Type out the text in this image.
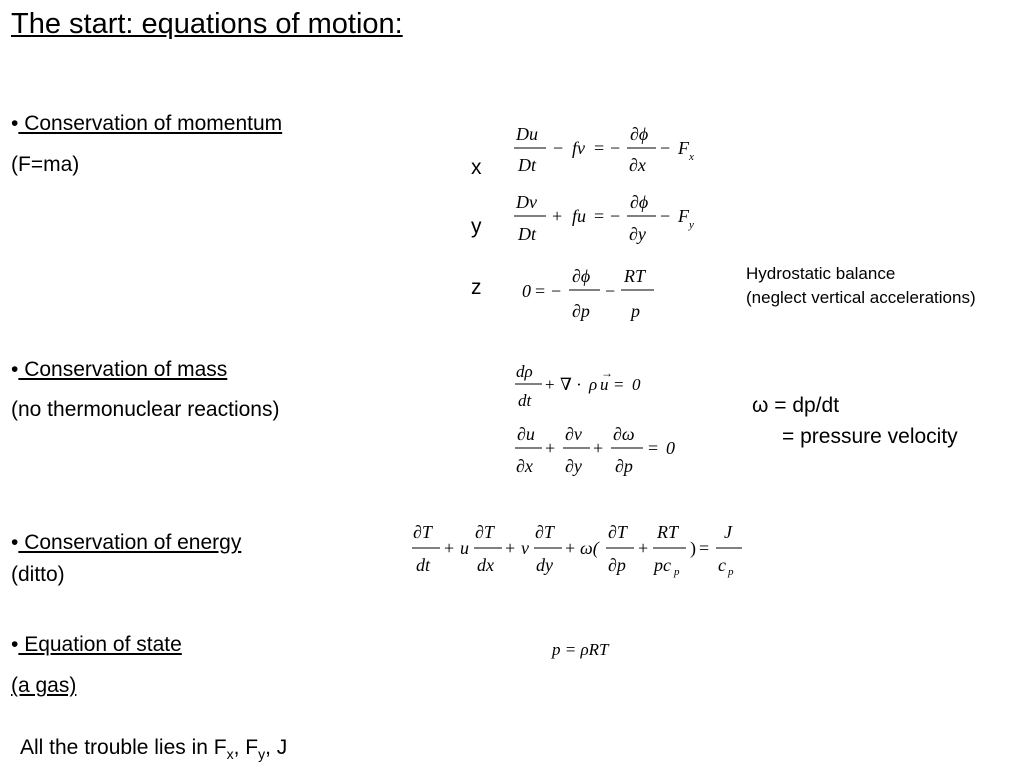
The start: equations of motion:
• Conservation of momentum
(F=ma)	x
y
z
Du
Dt
− fv = −
∂ϕ
∂x
− F x
Dv
Dt
+ fu = −
∂ϕ
∂y
− F y
0 = −
∂ϕ
∂p
−
RT
p
Hydrostatic balance
(neglect vertical accelerations)
• Conservation of mass
(no thermonuclear reactions)
dρ
dt
+ ∇ · ρ u
→
= 0
∂u
∂x
+
∂v
∂y
+
∂ω
∂p
= 0
ω = dp/dt
= pressure velocity
• Conservation of energy
(ditto)
∂T
dt
+ u
∂T
dx
+ v
∂T
dy
+ ω(
∂T
∂p
+
RT
pc p
) =
J
c p
• Equation of state
(a gas)
p = ρRT
All the trouble lies in $F_x$, $F_y$, J
